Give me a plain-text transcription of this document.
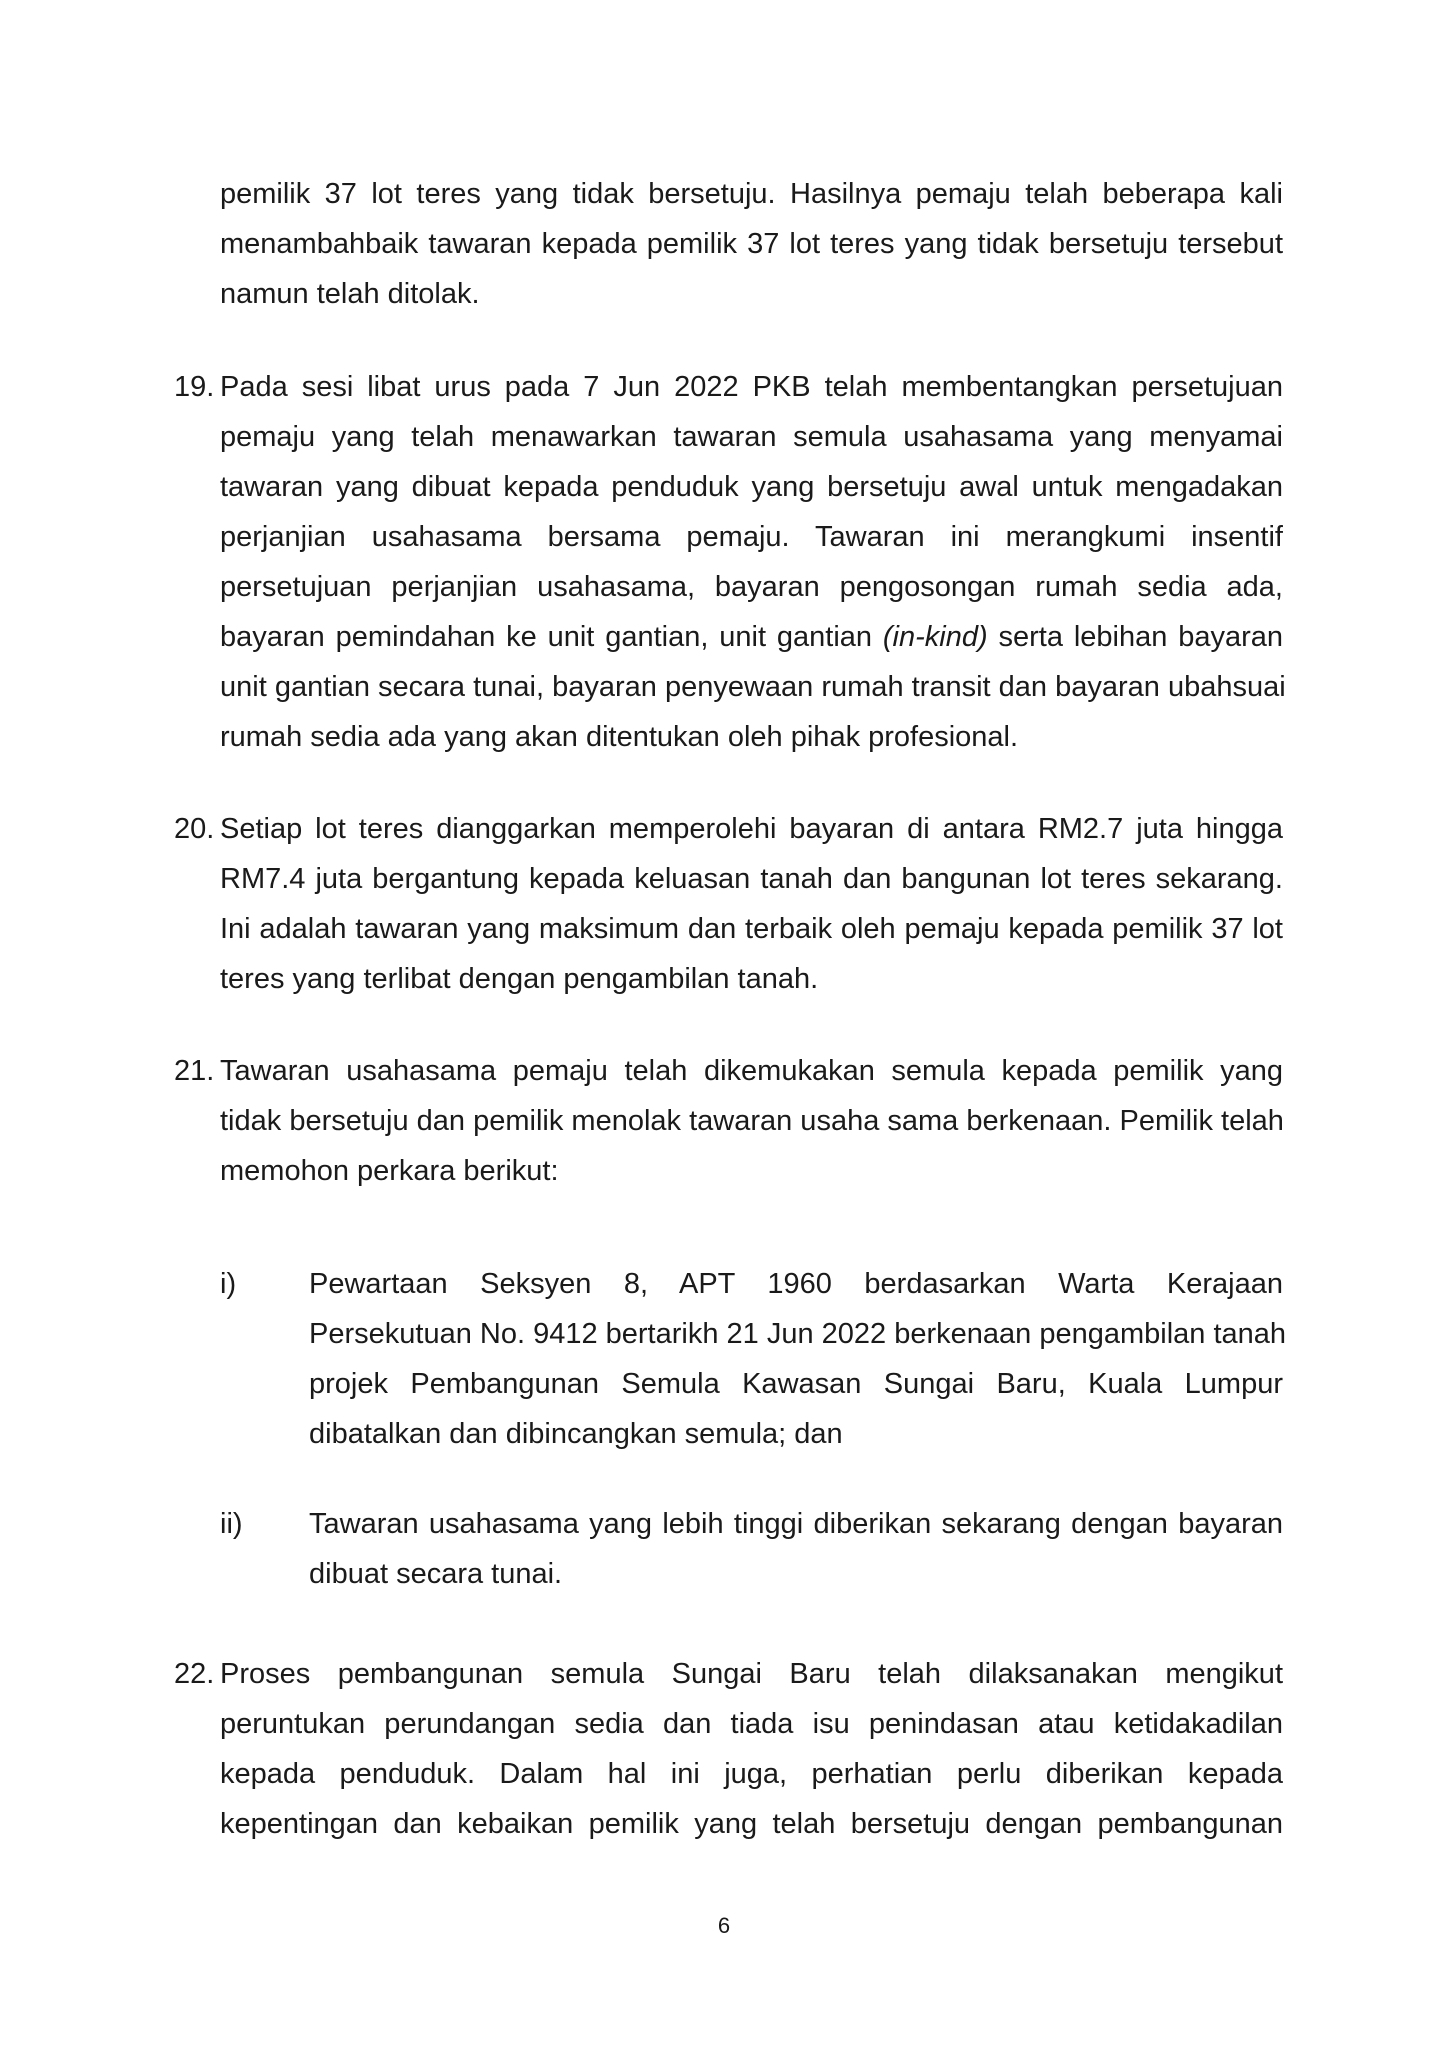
pemilik 37 lot teres yang tidak bersetuju. Hasilnya pemaju telah beberapa kali

menambahbaik tawaran kepada pemilik 37 lot teres yang tidak bersetuju tersebut

namun telah ditolak.

19. Pada sesi libat urus pada 7 Jun 2022 PKB telah membentangkan persetujuan

pemaju yang telah menawarkan tawaran semula usahasama yang menyamai

tawaran yang dibuat kepada penduduk yang bersetuju awal untuk mengadakan

perjanjian usahasama bersama pemaju. Tawaran ini merangkumi insentif

persetujuan perjanjian usahasama, bayaran pengosongan rumah sedia ada,

bayaran pemindahan ke unit gantian, unit gantian (in-kind) serta lebihan bayaran

unit gantian secara tunai, bayaran penyewaan rumah transit dan bayaran ubahsuai

rumah sedia ada yang akan ditentukan oleh pihak profesional.

20. Setiap lot teres dianggarkan memperolehi bayaran di antara RM2.7 juta hingga

RM7.4 juta bergantung kepada keluasan tanah dan bangunan lot teres sekarang.

Ini adalah tawaran yang maksimum dan terbaik oleh pemaju kepada pemilik 37 lot

teres yang terlibat dengan pengambilan tanah.

21. Tawaran usahasama pemaju telah dikemukakan semula kepada pemilik yang

tidak bersetuju dan pemilik menolak tawaran usaha sama berkenaan. Pemilik telah

memohon perkara berikut:

i)	Pewartaan Seksyen 8, APT 1960 berdasarkan Warta Kerajaan

Persekutuan No. 9412 bertarikh 21 Jun 2022 berkenaan pengambilan tanah

projek Pembangunan Semula Kawasan Sungai Baru, Kuala Lumpur

dibatalkan dan dibincangkan semula; dan

ii) Tawaran usahasama yang lebih tinggi diberikan sekarang dengan bayaran

dibuat secara tunai.

22. Proses pembangunan semula Sungai Baru telah dilaksanakan mengikut

peruntukan perundangan sedia dan tiada isu penindasan atau ketidakadilan

kepada penduduk. Dalam hal ini juga, perhatian perlu diberikan kepada

kepentingan dan kebaikan pemilik yang telah bersetuju dengan pembangunan

6
